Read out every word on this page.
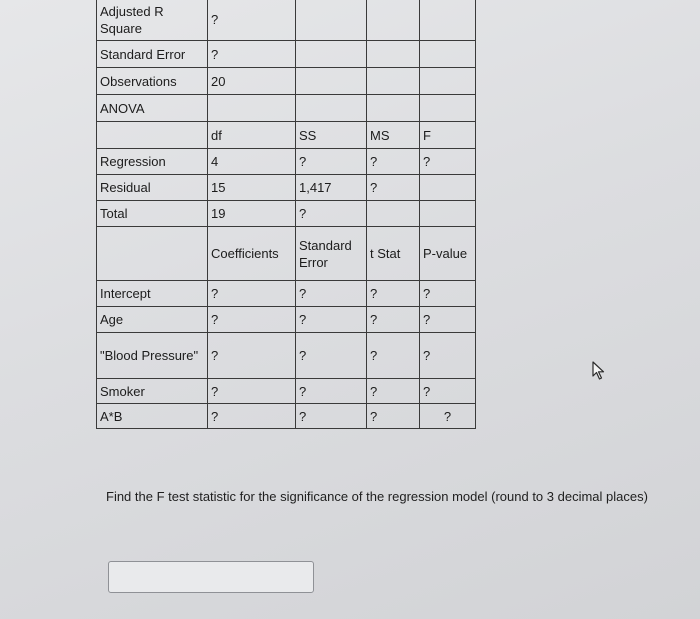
Adjusted R Square	?			
Standard Error	?			
Observations	20			
ANOVA				
	df	SS	MS	F
Regression	4	?	?	?
Residual	15	1,417	?	
Total	19	?		
	Coefficients	Standard Error	t Stat	P-value
Intercept	?	?	?	?
Age	?	?	?	?
"Blood Pressure"	?	?	?	?
Smoker	?	?	?	?
A*B	?	?	?	?
Find the F test statistic for the significance of the regression model (round to 3 decimal places)
